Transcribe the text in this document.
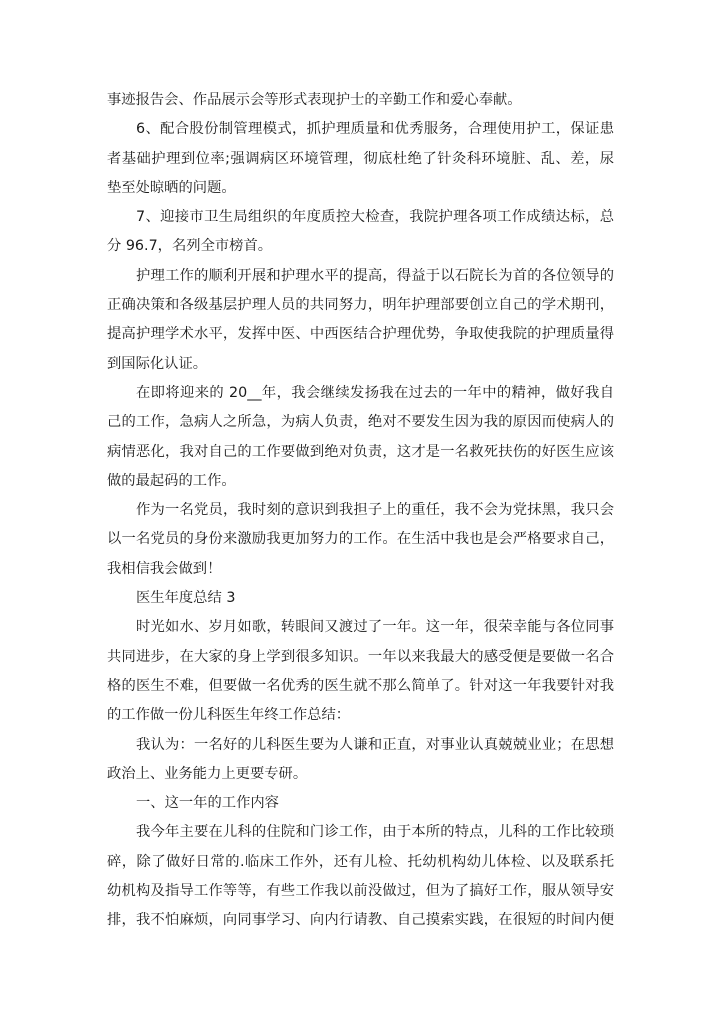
事迹报告会、作品展示会等形式表现护士的辛勤工作和爱心奉献。
6、配合股份制管理模式，抓护理质量和优秀服务，合理使用护工，保证患
者基础护理到位率;强调病区环境管理，彻底杜绝了针灸科环境脏、乱、差，尿
垫至处晾晒的问题。
7、迎接市卫生局组织的年度质控大检查，我院护理各项工作成绩达标，总
分 96.7，名列全市榜首。
护理工作的顺利开展和护理水平的提高，得益于以石院长为首的各位领导的
正确决策和各级基层护理人员的共同努力，明年护理部要创立自己的学术期刊，
提高护理学术水平，发挥中医、中西医结合护理优势，争取使我院的护理质量得
到国际化认证。
在即将迎来的 20__年，我会继续发扬我在过去的一年中的精神，做好我自
己的工作，急病人之所急，为病人负责，绝对不要发生因为我的原因而使病人的
病情恶化，我对自己的工作要做到绝对负责，这才是一名救死扶伤的好医生应该
做的最起码的工作。
作为一名党员，我时刻的意识到我担子上的重任，我不会为党抹黑，我只会
以一名党员的身份来激励我更加努力的工作。在生活中我也是会严格要求自己，
我相信我会做到！
医生年度总结 3
时光如水、岁月如歌，转眼间又渡过了一年。这一年，很荣幸能与各位同事
共同进步，在大家的身上学到很多知识。一年以来我最大的感受便是要做一名合
格的医生不难，但要做一名优秀的医生就不那么简单了。针对这一年我要针对我
的工作做一份儿科医生年终工作总结：
我认为：一名好的儿科医生要为人谦和正直，对事业认真兢兢业业；在思想
政治上、业务能力上更要专研。
一、这一年的工作内容
我今年主要在儿科的住院和门诊工作，由于本所的特点，儿科的工作比较琐
碎，除了做好日常的.临床工作外，还有儿检、托幼机构幼儿体检、以及联系托
幼机构及指导工作等等，有些工作我以前没做过，但为了搞好工作，服从领导安
排，我不怕麻烦，向同事学习、向内行请教、自己摸索实践，在很短的时间内便
